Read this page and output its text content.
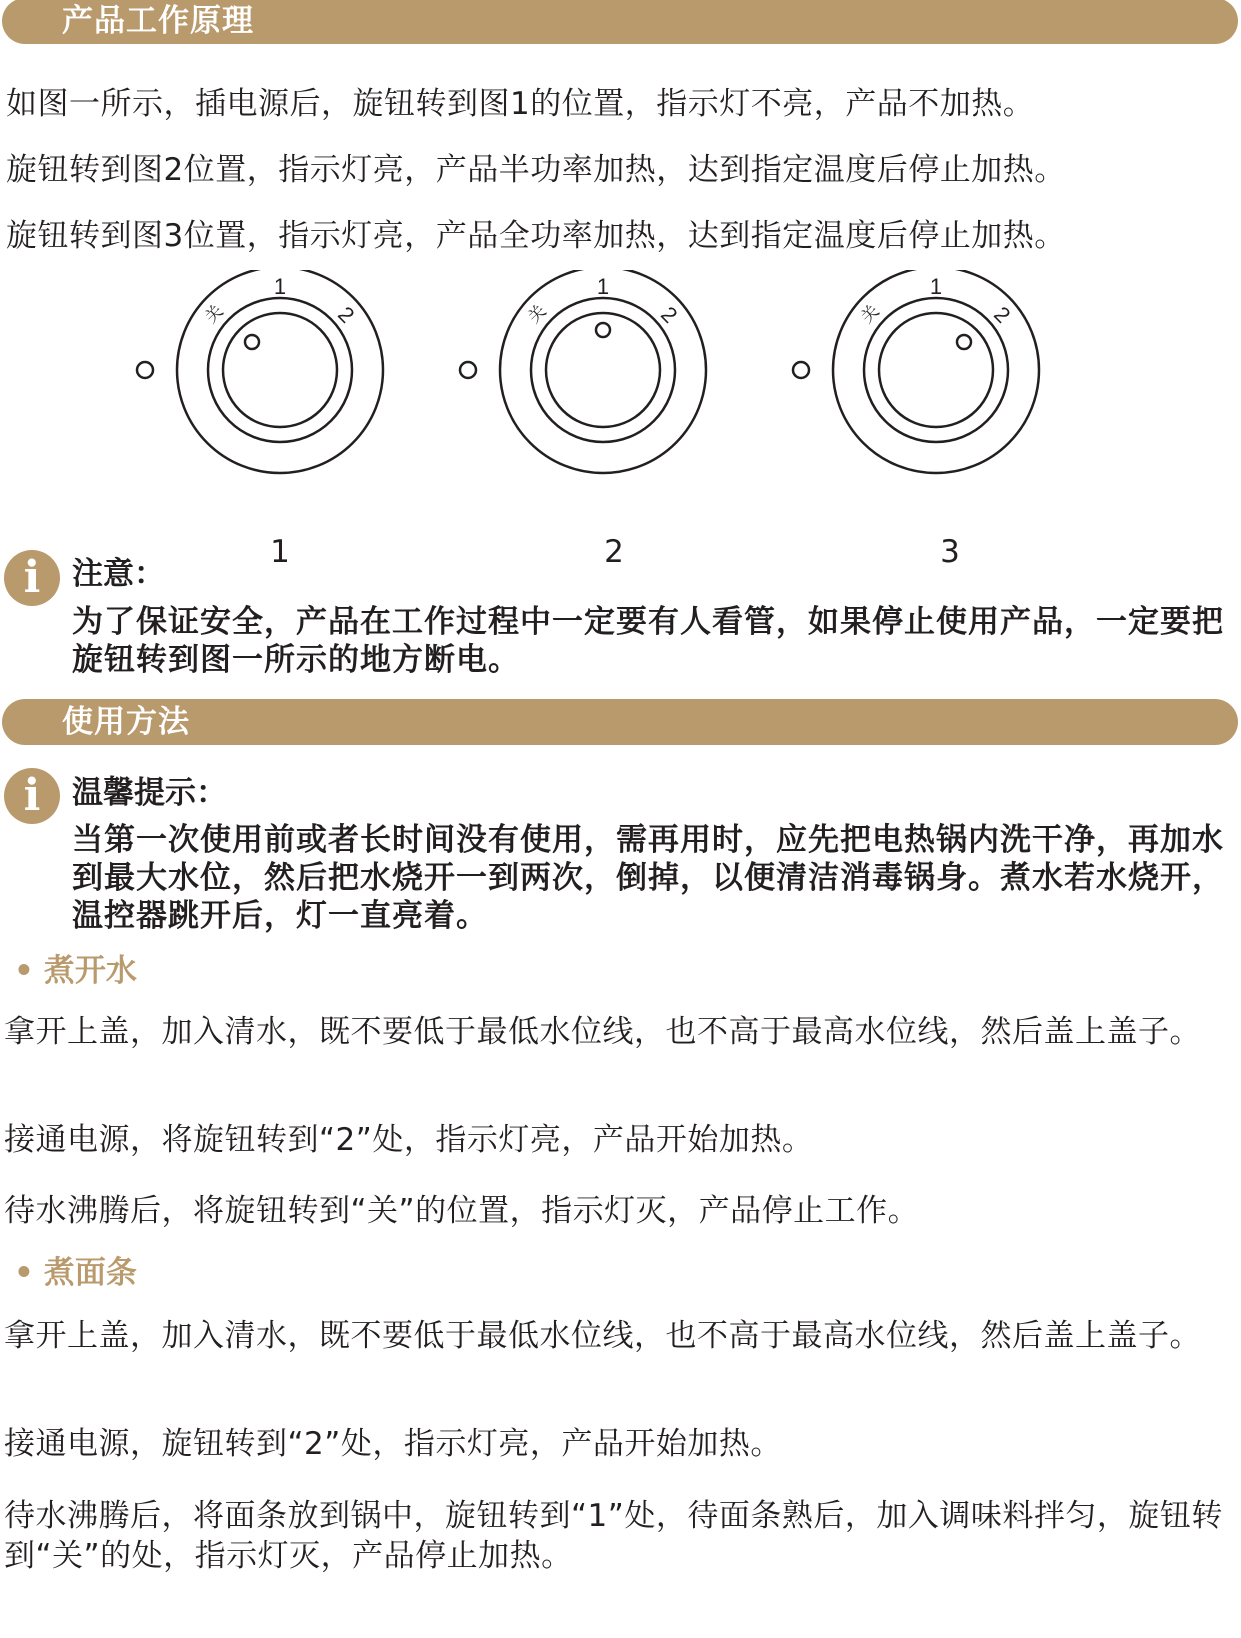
产品工作原理
如图一所示，插电源后，旋钮转到图1的位置，指示灯不亮，产品不加热。
旋钮转到图2位置，指示灯亮，产品半功率加热，达到指定温度后停止加热。
旋钮转到图3位置，指示灯亮，产品全功率加热，达到指定温度后停止加热。
1
关	2
1
1
关	2
2
1
关	2
3
i	注意：
为了保证安全，产品在工作过程中一定要有人看管，如果停止使用产品，一定要把旋钮转到图一所示的地方断电。
使用方法
i	温馨提示：
当第一次使用前或者长时间没有使用，需再用时，应先把电热锅内洗干净，再加水到最大水位，然后把水烧开一到两次，倒掉，以便清洁消毒锅身。煮水若水烧开，温控器跳开后，灯一直亮着。
• 煮开水
拿开上盖，加入清水，既不要低于最低水位线，也不高于最高水位线，然后盖上盖子。
接通电源，将旋钮转到“2”处，指示灯亮，产品开始加热。
待水沸腾后，将旋钮转到“关”的位置，指示灯灭，产品停止工作。
• 煮面条
拿开上盖，加入清水，既不要低于最低水位线，也不高于最高水位线，然后盖上盖子。
接通电源，旋钮转到“2”处，指示灯亮，产品开始加热。
待水沸腾后，将面条放到锅中，旋钮转到“1”处，待面条熟后，加入调味料拌匀，旋钮转到“关”的处，指示灯灭，产品停止加热。
